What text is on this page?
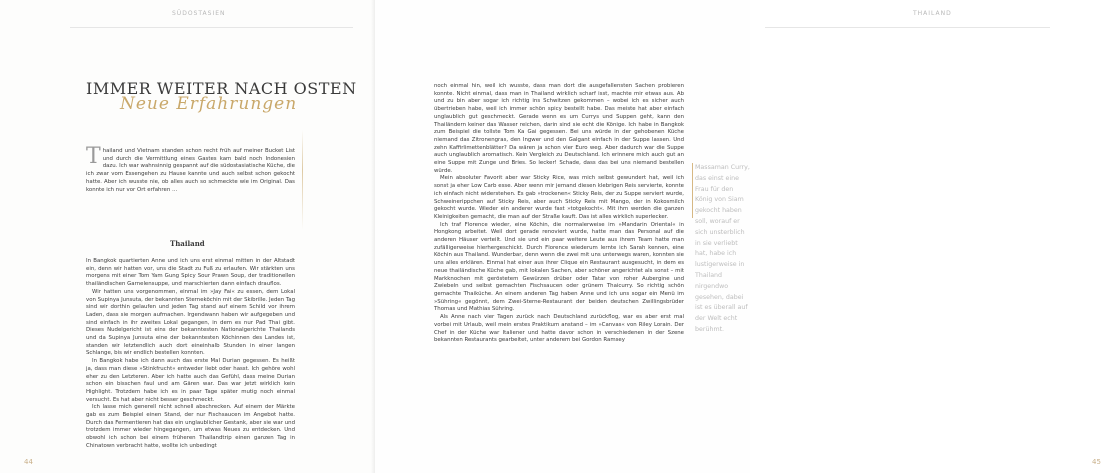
SÜDOSTASIEN
IMMER WEITER NACH OSTEN
Neue Erfahrungen
Thailand und Vietnam standen schon recht früh auf meiner Bucket List und durch die Vermittlung eines Gastes kam bald noch Indonesien dazu. Ich war wahnsinnig gespannt auf die südostasiatische Küche, die ich zwar vom Essengehen zu Hause kannte und auch selbst schon gekocht hatte. Aber ich wusste nie, ob alles auch so schmeckte wie im Original. Das konnte ich nur vor Ort erfahren …
Thailand

In Bangkok quartierten Anne und ich uns erst einmal mitten in der Altstadt ein, denn wir hatten vor, uns die Stadt zu Fuß zu erlaufen. Wir stärkten uns morgens mit einer Tom Yam Gung Spicy Sour Prawn Soup, der traditionellen thailändischen Garnelensuppe, und marschierten dann einfach drauflos.

Wir hatten uns vorgenommen, einmal im »Jay Fai« zu essen, dem Lokal von Supinya Junsuta, der bekannten Sterneköchin mit der Skibrille. Jeden Tag sind wir dorthin gelaufen und jeden Tag stand auf einem Schild vor ihrem Laden, dass sie morgen aufmachen. Irgendwann haben wir aufgegeben und sind einfach in ihr zweites Lokal gegangen, in dem es nur Pad Thai gibt. Dieses Nudelgericht ist eins der bekanntesten Nationalgerichte Thailands und da Supinya Junsuta eine der bekanntesten Köchinnen des Landes ist, standen wir letztendlich auch dort eineinhalb Stunden in einer langen Schlange, bis wir endlich bestellen konnten.

In Bangkok habe ich dann auch das erste Mal Durian gegessen. Es heißt ja, dass man diese »Stinkfrucht« entweder liebt oder hasst. Ich gehöre wohl eher zu den Letzteren. Aber ich hatte auch das Gefühl, dass meine Durian schon ein bisschen faul und am Gären war. Das war jetzt wirklich kein Highlight. Trotzdem habe ich es in paar Tage später mutig noch einmal versucht. Es hat aber nicht besser geschmeckt.

Ich lasse mich generell nicht schnell abschrecken. Auf einem der Märkte gab es zum Beispiel einen Stand, der nur Fischsaucen im Angebot hatte. Durch das Fermentieren hat das ein unglaublicher Gestank, aber sie war und trotzdem immer wieder hingegangen, um etwas Neues zu entdecken. Und obwohl ich schon bei einem früheren Thailandtrip einen ganzen Tag in Chinatown verbracht hatte, wollte ich unbedingt

44
THAILAND
45

noch einmal hin, weil ich wusste, dass man dort die ausgefallensten Sachen probieren konnte. Nicht einmal, dass man in Thailand wirklich scharf isst, machte mir etwas aus. Ab und zu bin aber sogar ich richtig ins Schwitzen gekommen – wobei ich es sicher auch übertrieben habe, weil ich immer schön spicy bestellt habe. Das meiste hat aber einfach unglaublich gut geschmeckt. Gerade wenn es um Currys und Suppen geht, kann den Thailändern keiner das Wasser reichen, darin sind sie echt die Könige. Ich habe in Bangkok zum Beispiel die tollste Tom Ka Gai gegessen. Bei uns würde in der gehobenen Küche niemand das Zitronengras, den Ingwer und den Galgant einfach in der Suppe lassen. Und zehn Kaffirlimettenblätter? Da wären ja schon vier Euro weg. Aber dadurch war die Suppe auch unglaublich aromatisch. Kein Vergleich zu Deutschland. Ich erinnere mich auch gut an eine Suppe mit Zunge und Bries. So lecker! Schade, dass das bei uns niemand bestellen würde.

Mein absoluter Favorit aber war Sticky Rice, was mich selbst gewundert hat, weil ich sonst ja eher Low Carb esse. Aber wenn mir jemand diesen klebrigen Reis servierte, konnte ich einfach nicht widerstehen. Es gab »trockenen« Sticky Reis, der zu Suppe serviert wurde, Schweinerippchen auf Sticky Reis, aber auch Sticky Reis mit Mango, der in Kokosmilch gekocht wurde. Wieder ein anderer wurde fast »totgekocht«. Mit ihm werden die ganzen Kleinigkeiten gemacht, die man auf der Straße kauft. Das ist alles wirklich superlecker.

Ich traf Florence wieder, eine Köchin, die normalerweise im »Mandarin Oriental« in Hongkong arbeitet. Weil dort gerade renoviert wurde, hatte man das Personal auf die anderen Häuser verteilt. Und sie und ein paar weitere Leute aus ihrem Team hatte man zufälligerweise hierhergeschickt. Durch Florence wiederum lernte ich Sarah kennen, eine Köchin aus Thailand. Wunderbar, denn wenn die zwei mit uns unterwegs waren, konnten sie uns alles erklären. Einmal hat einer aus ihrer Clique ein Restaurant ausgesucht, in dem es neue thailändische Küche gab, mit lokalen Sachen, aber schöner angerichtet als sonst – mit Markknochen mit geröstetem Gewürzen drüber oder Tatar von roher Aubergine und Zwiebeln und selbst gemachten Fischsaucen oder grünem Thaicurry. So richtig schön gemachte Thaiküche. An einem anderen Tag haben Anne und ich uns sogar ein Menü im »Sühring« gegönnt, dem Zwei-Sterne-Restaurant der beiden deutschen Zwillingsbrüder Thomas und Mathias Sühring.

Als Anne nach vier Tagen zurück nach Deutschland zurückflog, war es aber erst mal vorbei mit Urlaub, weil mein erstes Praktikum anstand – im »Canvas« von Riley Lorain. Der Chef in der Küche war Italiener und hatte davor schon in verschiedenen in der Szene bekannten Restaurants gearbeitet, unter anderem bei Gordon Ramsey

Massaman Curry, das einst eine Frau für den König von Siam gekocht haben soll, worauf er sich unsterblich in sie verliebt hat, habe ich lustigerweise in Thailand nirgendwo gesehen, dabei ist es überall auf der Welt echt berühmt.
